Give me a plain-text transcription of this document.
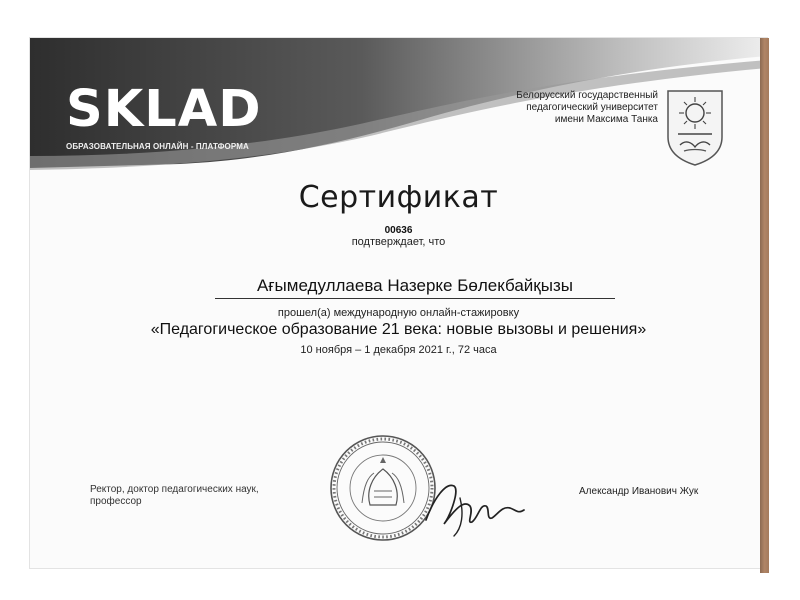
SKLAD
ОБРАЗОВАТЕЛЬНАЯ ОНЛАЙН - ПЛАТФОРМА
Белорусский государственный
педагогический университет
имени Максима Танка
Сертификат
00636
подтверждает, что
Ағымедуллаева Назерке Бөлекбайқызы
прошел(а) международную онлайн-стажировку
«Педагогическое образование 21 века: новые вызовы и решения»
10 ноября – 1 декабря 2021 г., 72 часа
Ректор, доктор педагогических наук,
профессор
Александр Иванович Жук
